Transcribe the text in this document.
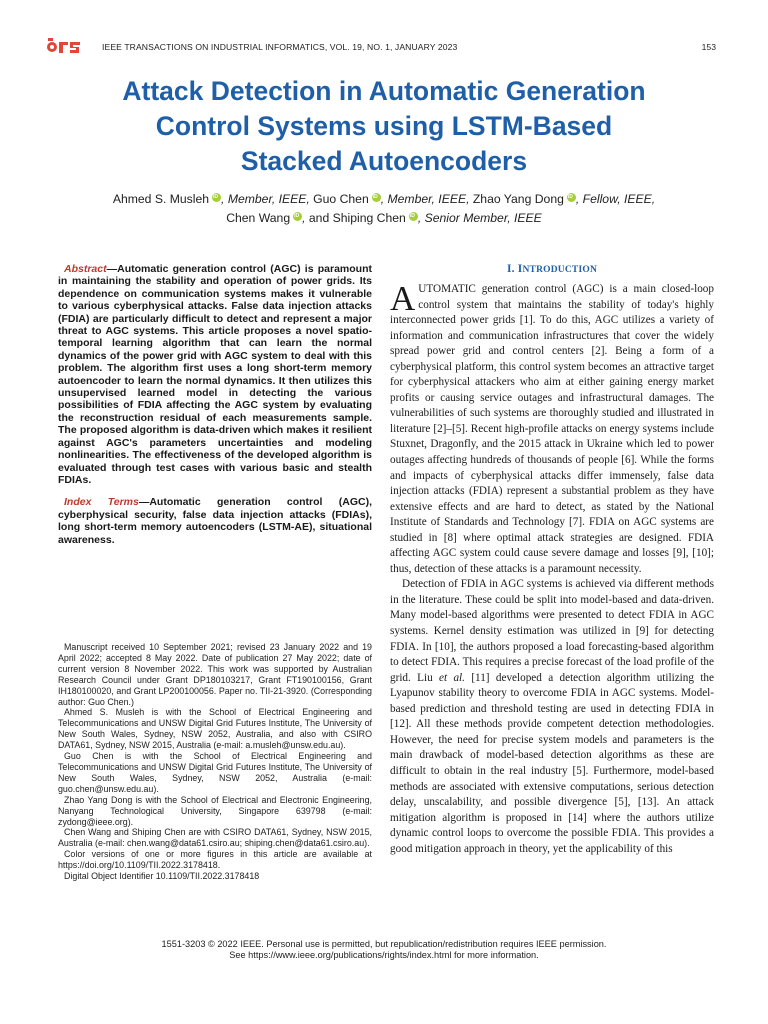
IEEE TRANSACTIONS ON INDUSTRIAL INFORMATICS, VOL. 19, NO. 1, JANUARY 2023	153
Attack Detection in Automatic Generation
Control Systems using LSTM-Based
Stacked Autoencoders
Ahmed S. Musleh iD , Member, IEEE, Guo Chen iD , Member, IEEE, Zhao Yang Dong iD , Fellow, IEEE,
Chen Wang iD , and Shiping Chen iD , Senior Member, IEEE

Abstract—Automatic generation control (AGC) is paramount in maintaining the stability and operation of power grids. Its dependence on communication systems makes it vulnerable to various cyberphysical attacks. False data injection attacks (FDIA) are particularly difficult to detect and represent a major threat to AGC systems. This article proposes a novel spatio-temporal learning algorithm that can learn the normal dynamics of the power grid with AGC system to deal with this problem. The algorithm first uses a long short-term memory autoencoder to learn the normal dynamics. It then utilizes this unsupervised learned model in detecting the various possibilities of FDIA affecting the AGC system by evaluating the reconstruction residual of each measurements sample. The proposed algorithm is data-driven which makes it resilient against AGC's parameters uncertainties and modeling nonlinearities. The effectiveness of the developed algorithm is evaluated through test cases with various basic and stealth FDIAs.

Index Terms—Automatic generation control (AGC), cyberphysical security, false data injection attacks (FDIAs), long short-term memory autoencoders (LSTM-AE), situational awareness.

Manuscript received 10 September 2021; revised 23 January 2022 and 19 April 2022; accepted 8 May 2022. Date of publication 27 May 2022; date of current version 8 November 2022. This work was supported by Australian Research Council under Grant DP180103217, Grant FT190100156, Grant IH180100020, and Grant LP200100056. Paper no. TII-21-3920. (Corresponding author: Guo Chen.)

Ahmed S. Musleh is with the School of Electrical Engineering and Telecommunications and UNSW Digital Grid Futures Institute, The University of New South Wales, Sydney, NSW 2052, Australia, and also with CSIRO DATA61, Sydney, NSW 2015, Australia (e-mail: a.musleh@unsw.edu.au).

Guo Chen is with the School of Electrical Engineering and Telecommunications and UNSW Digital Grid Futures Institute, The University of New South Wales, Sydney, NSW 2052, Australia (e-mail: guo.chen@unsw.edu.au).

Zhao Yang Dong is with the School of Electrical and Electronic Engineering, Nanyang Technological University, Singapore 639798 (e-mail: zydong@ieee.org).

Chen Wang and Shiping Chen are with CSIRO DATA61, Sydney, NSW 2015, Australia (e-mail: chen.wang@data61.csiro.au; shiping.chen@data61.csiro.au).

Color versions of one or more figures in this article are available at https://doi.org/10.1109/TII.2022.3178418.

Digital Object Identifier 10.1109/TII.2022.3178418

I. INTRODUCTION

AUTOMATIC generation control (AGC) is a main closed-loop control system that maintains the stability of today's highly interconnected power grids [1]. To do this, AGC utilizes a variety of information and communication infrastructures that cover the widely spread power grid and control centers [2]. Being a form of a cyberphysical platform, this control system becomes an attractive target for cyberphysical attackers who aim at either gaining energy market profits or causing service outages and infrastructural damages. The vulnerabilities of such systems are thoroughly studied and illustrated in literature [2]–[5]. Recent high-profile attacks on energy systems include Stuxnet, Dragonfly, and the 2015 attack in Ukraine which led to power outages affecting hundreds of thousands of people [6]. While the forms and impacts of cyberphysical attacks differ immensely, false data injection attacks (FDIA) represent a substantial problem as they have extensive effects and are hard to detect, as stated by the National Institute of Standards and Technology [7]. FDIA on AGC systems are studied in [8] where optimal attack strategies are designed. FDIA affecting AGC system could cause severe damage and losses [9], [10]; thus, detection of these attacks is a paramount necessity.

Detection of FDIA in AGC systems is achieved via different methods in the literature. These could be split into model-based and data-driven. Many model-based algorithms were presented to detect FDIA in AGC systems. Kernel density estimation was utilized in [9] for detecting FDIA. In [10], the authors proposed a load forecasting-based algorithm to detect FDIA. This requires a precise forecast of the load profile of the grid. Liu et al. [11] developed a detection algorithm utilizing the Lyapunov stability theory to overcome FDIA in AGC systems. Model-based prediction and threshold testing are used in detecting FDIA in [12]. All these methods provide competent detection methodologies. However, the need for precise system models and parameters is the main drawback of model-based detection algorithms as these are difficult to obtain in the real industry [5]. Furthermore, model-based methods are associated with extensive computations, serious detection delay, unscalability, and possible divergence [5], [13]. An attack mitigation algorithm is proposed in [14] where the authors utilize dynamic control loops to overcome the possible FDIA. This provides a good mitigation approach in theory, yet the applicability of this

1551-3203 © 2022 IEEE. Personal use is permitted, but republication/redistribution requires IEEE permission.
See https://www.ieee.org/publications/rights/index.html for more information.
